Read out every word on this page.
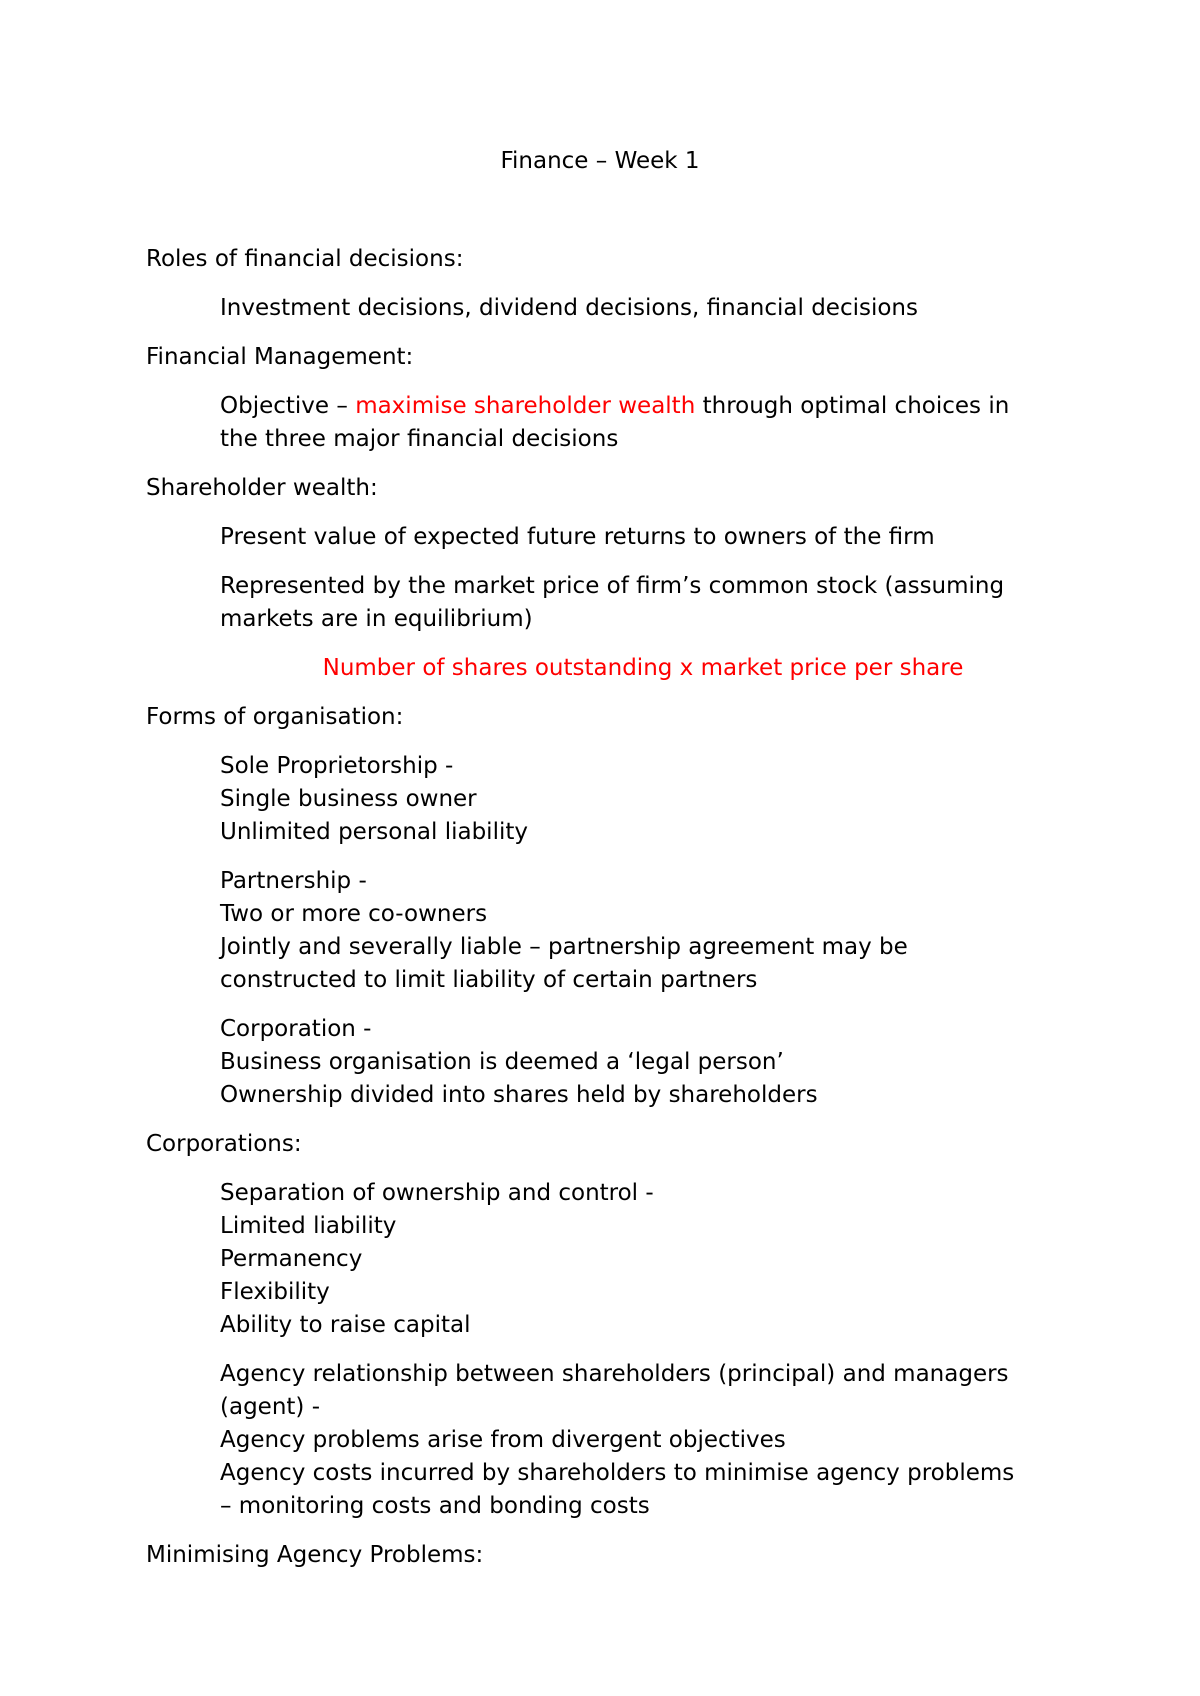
Finance – Week 1
Roles of financial decisions:
Investment decisions, dividend decisions, financial decisions
Financial Management:
Objective – maximise shareholder wealth through optimal choices in
the three major financial decisions
Shareholder wealth:
Present value of expected future returns to owners of the firm
Represented by the market price of firm’s common stock (assuming
markets are in equilibrium)
Number of shares outstanding x market price per share
Forms of organisation:
Sole Proprietorship -
Single business owner
Unlimited personal liability
Partnership -
Two or more co-owners
Jointly and severally liable – partnership agreement may be
constructed to limit liability of certain partners
Corporation -
Business organisation is deemed a ‘legal person’
Ownership divided into shares held by shareholders
Corporations:
Separation of ownership and control -
Limited liability
Permanency
Flexibility
Ability to raise capital
Agency relationship between shareholders (principal) and managers
(agent) -
Agency problems arise from divergent objectives
Agency costs incurred by shareholders to minimise agency problems
– monitoring costs and bonding costs
Minimising Agency Problems:
